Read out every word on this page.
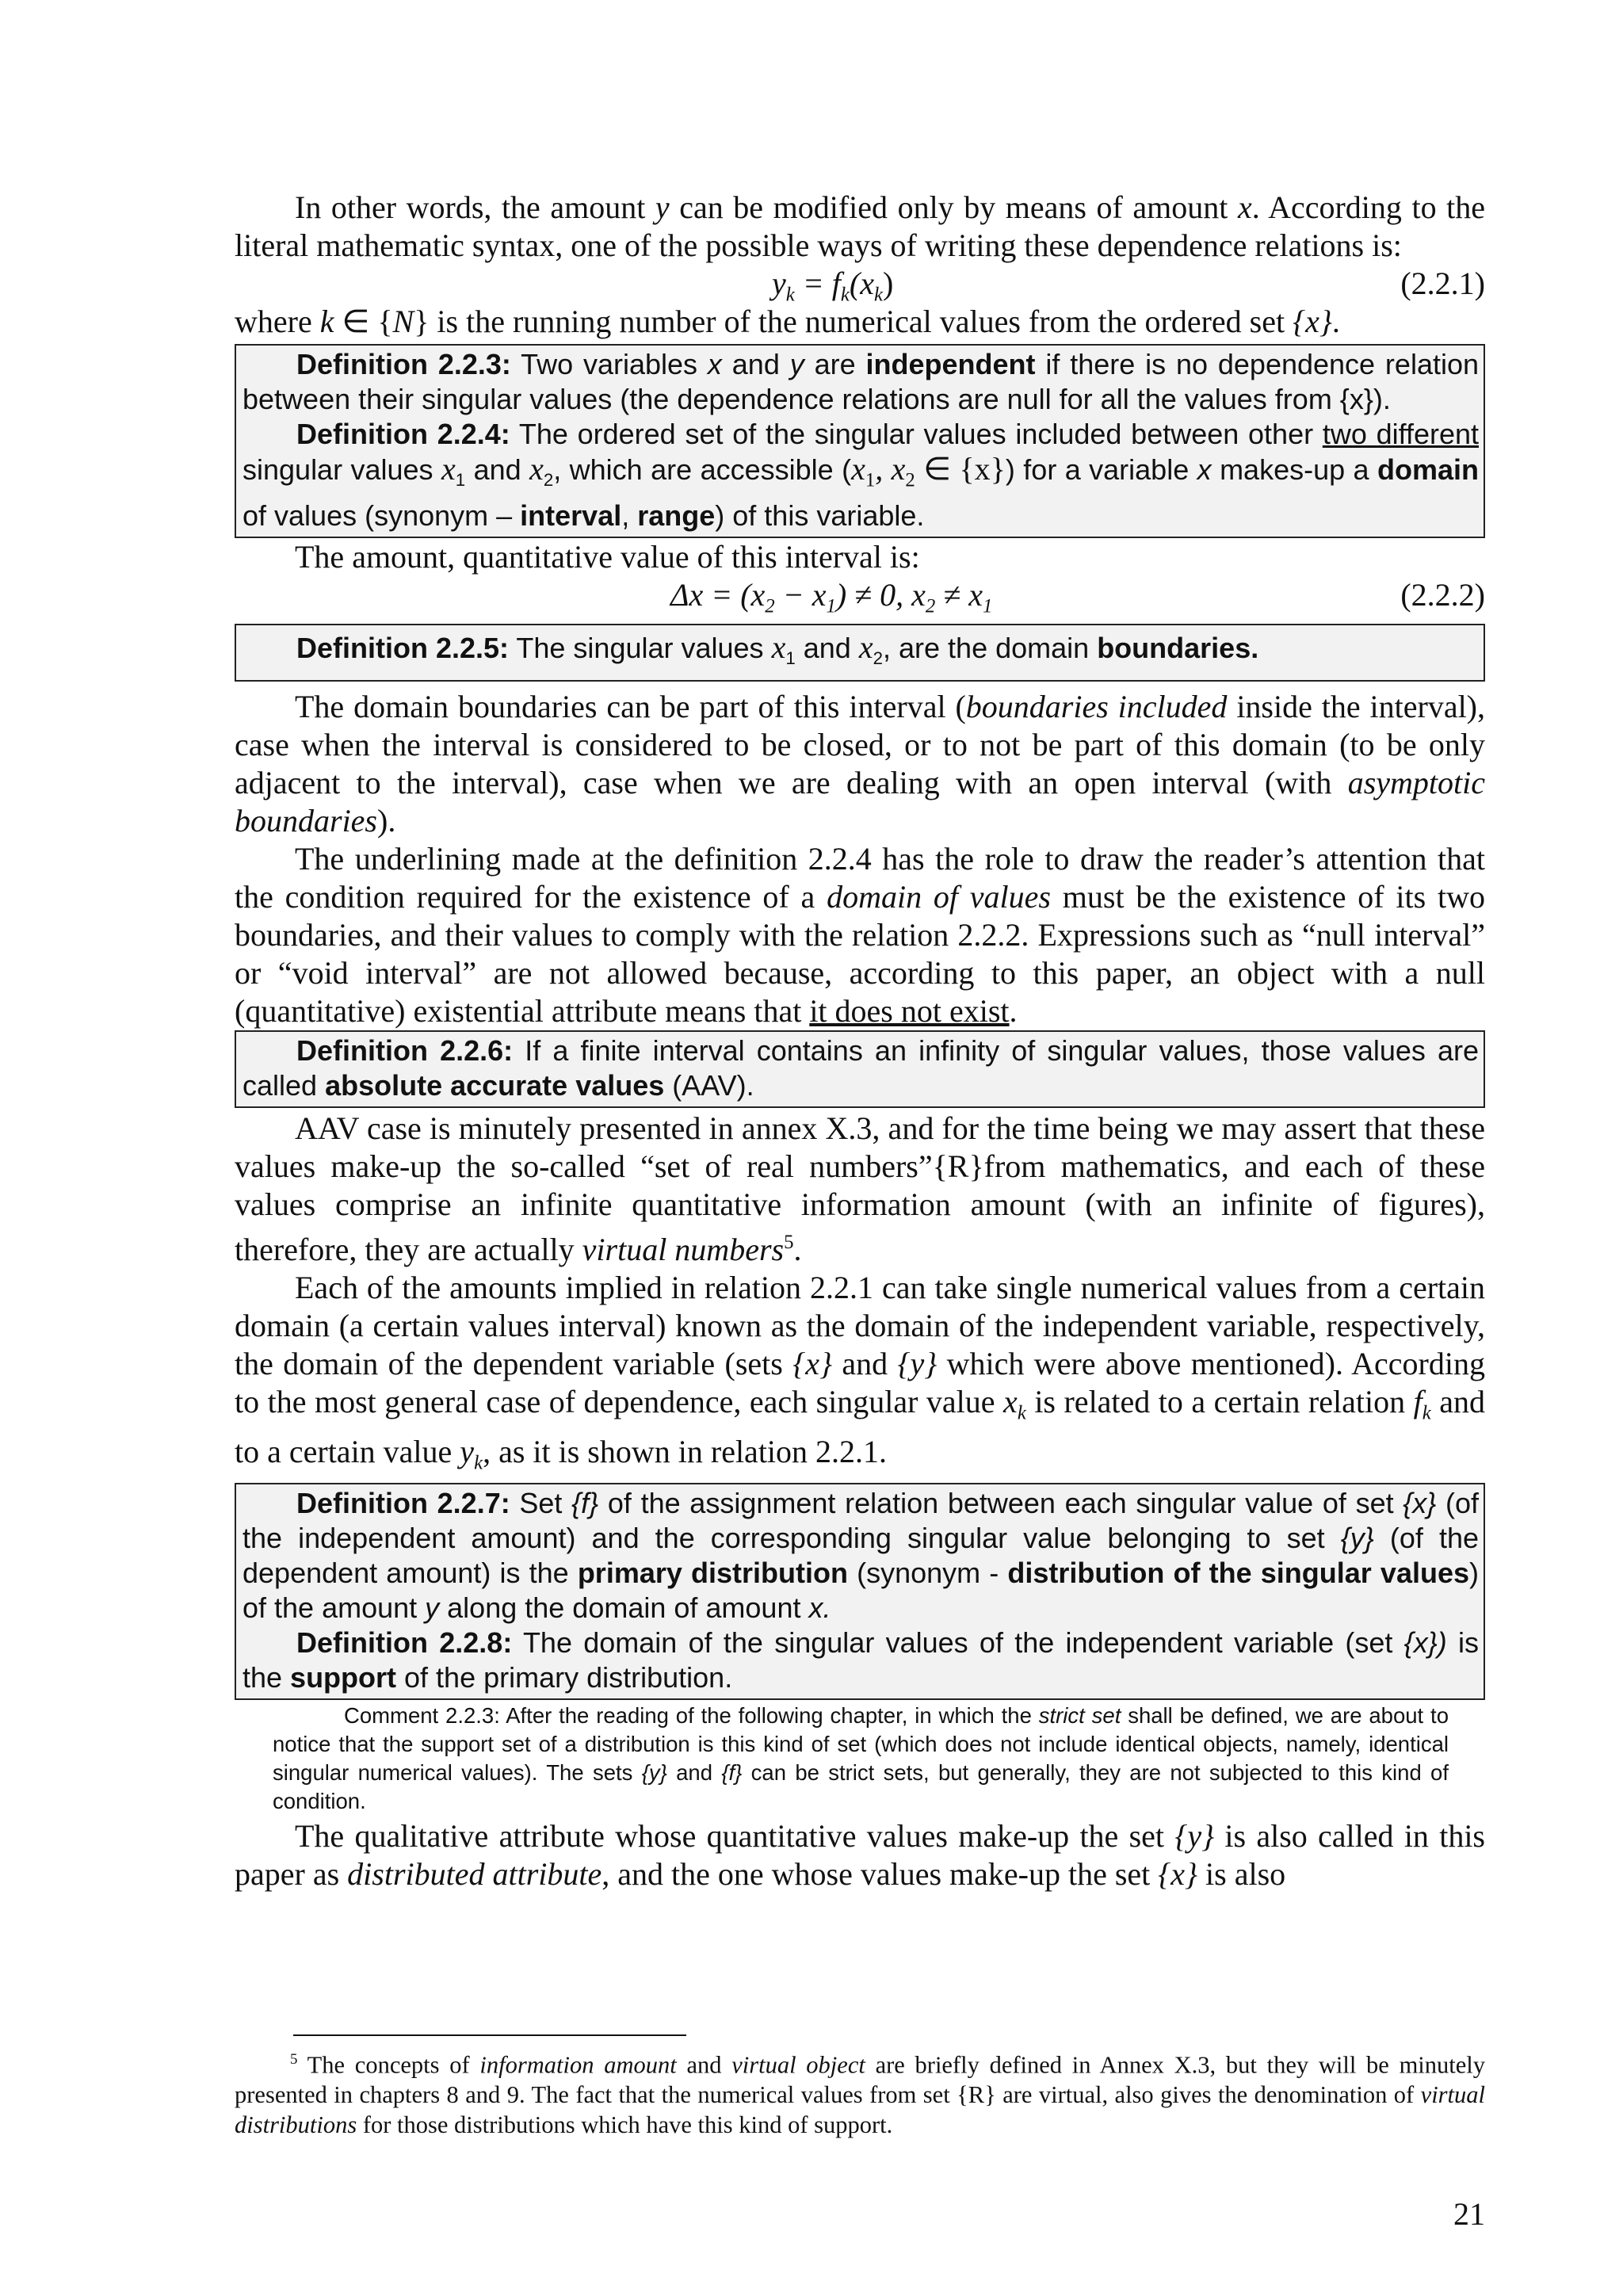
In other words, the amount y can be modified only by means of amount x. According to the literal mathematic syntax, one of the possible ways of writing these dependence relations is:

$y_k = f_k(x_k)$	(2.2.1)

where k ∈ {N} is the running number of the numerical values from the ordered set {x}.

Definition 2.2.3: Two variables x and y are independent if there is no dependence relation between their singular values (the dependence relations are null for all the values from {x}).

Definition 2.2.4: The ordered set of the singular values included between other two different singular values $x_1$ and $x_2$, which are accessible ($x_1$, $x_2$ ∈ {x}) for a variable x makes-up a domain of values (synonym – interval, range) of this variable.

The amount, quantitative value of this interval is:

$\Delta x = (x_2 - x_1) \ne 0$, $x_2 \ne x_1$	(2.2.2)

Definition 2.2.5: The singular values $x_1$ and $x_2$, are the domain boundaries.

The domain boundaries can be part of this interval (boundaries included inside the interval), case when the interval is considered to be closed, or to not be part of this domain (to be only adjacent to the interval), case when we are dealing with an open interval (with asymptotic boundaries).

The underlining made at the definition 2.2.4 has the role to draw the reader’s attention that the condition required for the existence of a domain of values must be the existence of its two boundaries, and their values to comply with the relation 2.2.2. Expressions such as “null interval” or “void interval” are not allowed because, according to this paper, an object with a null (quantitative) existential attribute means that it does not exist.

Definition 2.2.6: If a finite interval contains an infinity of singular values, those values are called absolute accurate values (AAV).

AAV case is minutely presented in annex X.3, and for the time being we may assert that these values make-up the so-called “set of real numbers”{R}from mathematics, and each of these values comprise an infinite quantitative information amount (with an infinite of figures), therefore, they are actually virtual numbers$^5$.

Each of the amounts implied in relation 2.2.1 can take single numerical values from a certain domain (a certain values interval) known as the domain of the independent variable, respectively, the domain of the dependent variable (sets {x} and {y} which were above mentioned). According to the most general case of dependence, each singular value $x_k$ is related to a certain relation $f_k$ and to a certain value $y_k$, as it is shown in relation 2.2.1.

Definition 2.2.7: Set {f} of the assignment relation between each singular value of set {x} (of the independent amount) and the corresponding singular value belonging to set {y} (of the dependent amount) is the primary distribution (synonym - distribution of the singular values) of the amount y along the domain of amount x.

Definition 2.2.8: The domain of the singular values of the independent variable (set {x}) is the support of the primary distribution.

Comment 2.2.3: After the reading of the following chapter, in which the strict set shall be defined, we are about to notice that the support set of a distribution is this kind of set (which does not include identical objects, namely, identical singular numerical values). The sets {y} and {f} can be strict sets, but generally, they are not subjected to this kind of condition.

The qualitative attribute whose quantitative values make-up the set {y} is also called in this paper as distributed attribute, and the one whose values make-up the set {x} is also

$^5$ The concepts of information amount and virtual object are briefly defined in Annex X.3, but they will be minutely presented in chapters 8 and 9. The fact that the numerical values from set {R} are virtual, also gives the denomination of virtual distributions for those distributions which have this kind of support.

21
